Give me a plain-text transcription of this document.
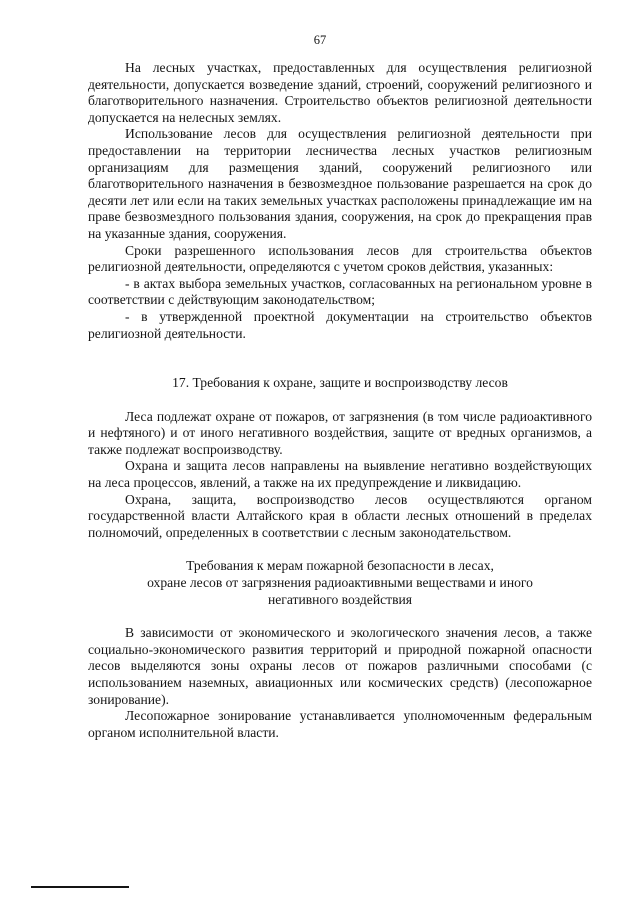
67

На лесных участках, предоставленных для осуществления религиозной деятельности, допускается возведение зданий, строений, сооружений религиозного и благотворительного назначения. Строительство объектов религиозной деятельности допускается на нелесных землях.

Использование лесов для осуществления религиозной деятельности при предоставлении на территории лесничества лесных участков религиозным организациям для размещения зданий, сооружений религиозного или благотворительного назначения в безвозмездное пользование разрешается на срок до десяти лет или если на таких земельных участках расположены принадлежащие им на праве безвозмездного пользования здания, сооружения, на срок до прекращения прав на указанные здания, сооружения.

Сроки разрешенного использования лесов для строительства объектов религиозной деятельности, определяются с учетом сроков действия, указанных:

- в актах выбора земельных участков, согласованных на региональном уровне в соответствии с действующим законодательством;

- в утвержденной проектной документации на строительство объектов религиозной деятельности.

17. Требования к охране, защите и воспроизводству лесов

Леса подлежат охране от пожаров, от загрязнения (в том числе радиоактивного и нефтяного) и от иного негативного воздействия, защите от вредных организмов, а также подлежат воспроизводству.

Охрана и защита лесов направлены на выявление негативно воздействующих на леса процессов, явлений, а также на их предупреждение и ликвидацию.

Охрана, защита, воспроизводство лесов осуществляются органом государственной власти Алтайского края в области лесных отношений в пределах полномочий, определенных в соответствии с лесным законодательством.

Требования к мерам пожарной безопасности в лесах,
охране лесов от загрязнения радиоактивными веществами и иного
негативного воздействия

В зависимости от экономического и экологического значения лесов, а также социально-экономического развития территорий и природной пожарной опасности лесов выделяются зоны охраны лесов от пожаров различными способами (с использованием наземных, авиационных или космических средств) (лесопожарное зонирование).

Лесопожарное зонирование устанавливается уполномоченным федеральным органом исполнительной власти.
